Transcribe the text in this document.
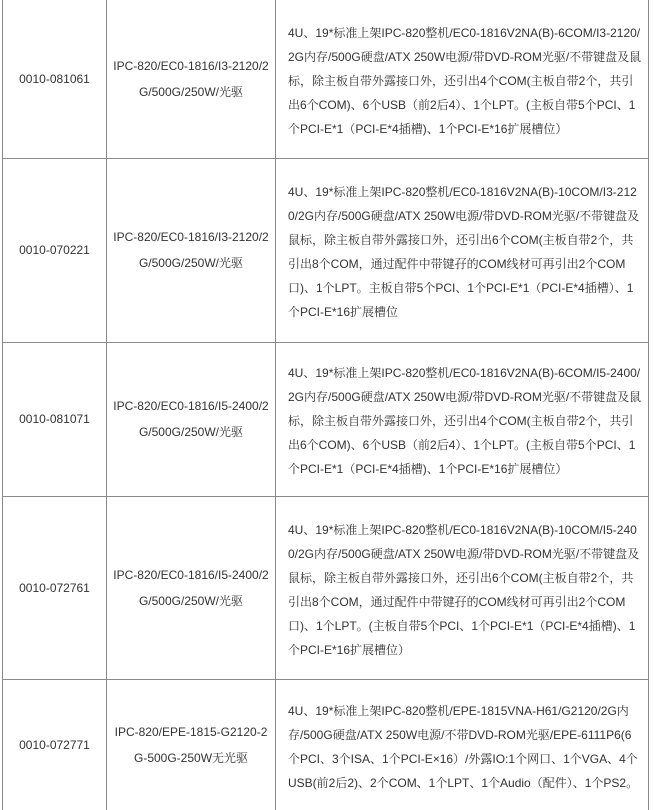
0010-081061	IPC-820/EC0-1816/I3-2120/2G/500G/250W/光驱	4U、19*标准上架IPC-820整机/EC0-1816V2NA(B)-6COM/I3-2120/2G内存/500G硬盘/ATX 250W电源/带DVD-ROM光驱/不带键盘及鼠标，除主板自带外露接口外，还引出4个COM(主板自带2个，共引出6个COM)、6个USB（前2后4）、1个LPT。(主板自带5个PCI、1个PCI-E*1（PCI-E*4插槽)、1个PCI-E*16扩展槽位）

0010-070221	IPC-820/EC0-1816/I3-2120/2G/500G/250W/光驱	4U、19*标准上架IPC-820整机/EC0-1816V2NA(B)-10COM/I3-2120/2G内存/500G硬盘/ATX 250W电源/带DVD-ROM光驱/不带键盘及鼠标，除主板自带外露接口外，还引出6个COM(主板自带2个，共引出8个COM，通过配件中带键孖的COM线材可再引出2个COM口)、1个LPT。主板自带5个PCI、1个PCI-E*1（PCI-E*4插槽）、1个PCI-E*16扩展槽位

0010-081071	IPC-820/EC0-1816/I5-2400/2G/500G/250W/光驱	4U、19*标准上架IPC-820整机/EC0-1816V2NA(B)-6COM/I5-2400/2G内存/500G硬盘/ATX 250W电源/带DVD-ROM光驱/不带键盘及鼠标，除主板自带外露接口外，还引出4个COM(主板自带2个，共引出6个COM)、6个USB（前2后4）、1个LPT。(主板自带5个PCI、1个PCI-E*1（PCI-E*4插槽)、1个PCI-E*16扩展槽位）

0010-072761	IPC-820/EC0-1816/I5-2400/2G/500G/250W/光驱	4U、19*标准上架IPC-820整机/EC0-1816V2NA(B)-10COM/I5-2400/2G内存/500G硬盘/ATX 250W电源/带DVD-ROM光驱/不带键盘及鼠标，除主板自带外露接口外，还引出6个COM(主板自带2个，共引出8个COM，通过配件中带键孖的COM线材可再引出2个COM口)、1个LPT。(主板自带5个PCI、1个PCI-E*1（PCI-E*4插槽)、1个PCI-E*16扩展槽位）

0010-072771	IPC-820/EPE-1815-G2120-2G-500G-250W无光驱	4U、19*标准上架IPC-820整机/EPE-1815VNA-H61/G2120/2G内存/500G硬盘/ATX 250W电源/不带DVD-ROM光驱/EPE-6111P6(6个PCI、3个ISA、1个PCI-E×16）/外露IO:1个网口、1个VGA、4个USB(前2后2)、2个COM、1个LPT、1个Audio（配件）、1个PS2。
